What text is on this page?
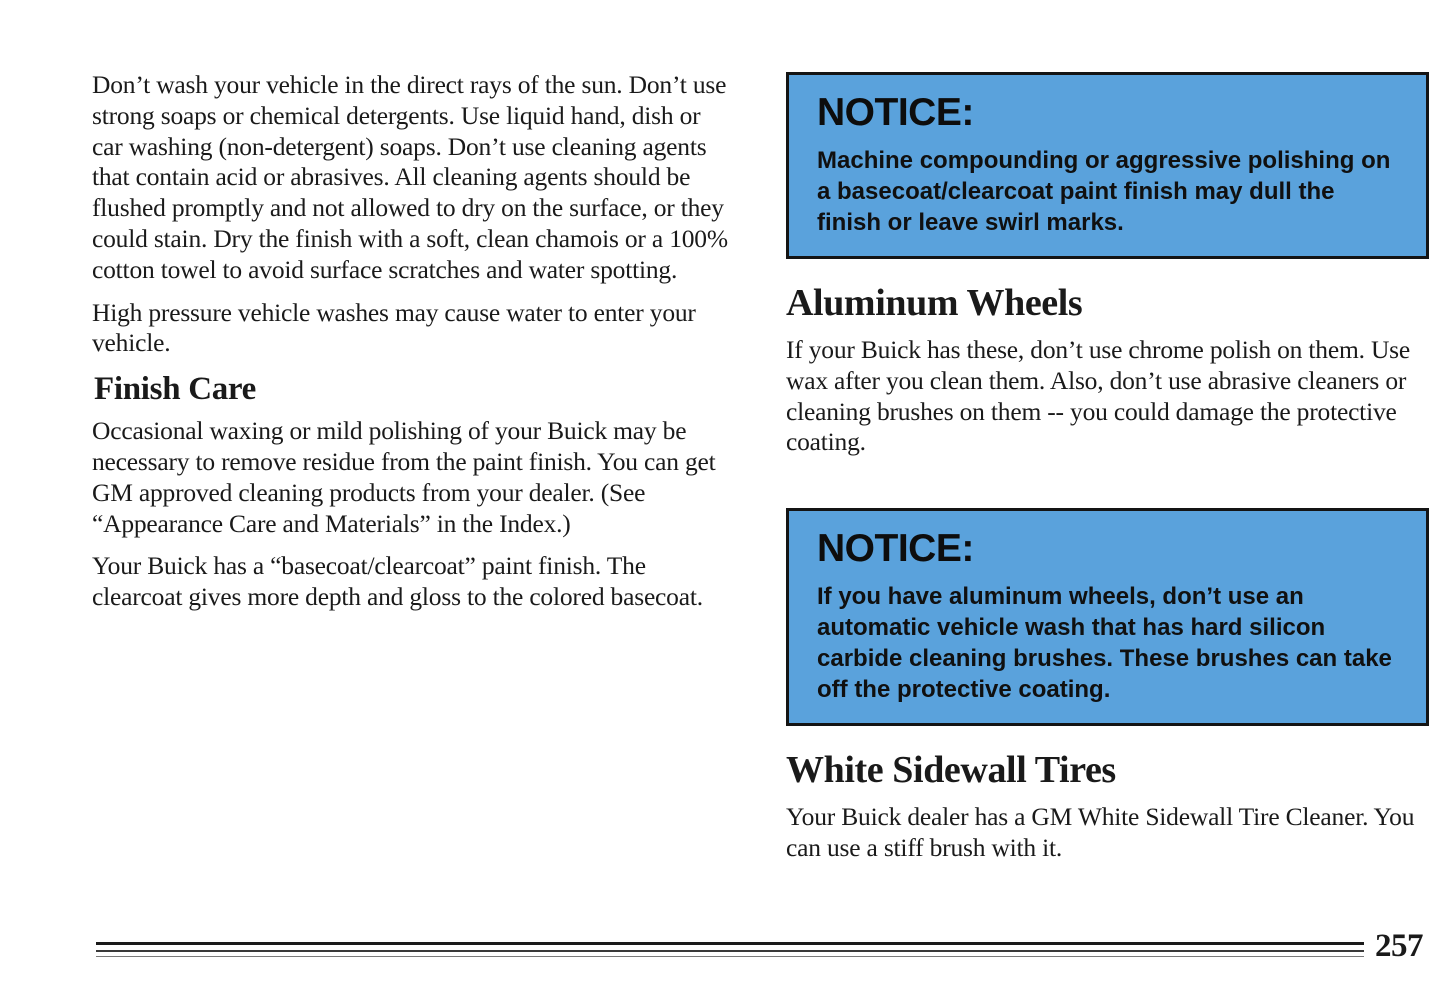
Don’t wash your vehicle in the direct rays of the sun. Don’t use strong soaps or chemical detergents. Use liquid hand, dish or car washing (non-detergent) soaps. Don’t use cleaning agents that contain acid or abrasives. All cleaning agents should be flushed promptly and not allowed to dry on the surface, or they could stain. Dry the finish with a soft, clean chamois or a 100% cotton towel to avoid surface scratches and water spotting.

High pressure vehicle washes may cause water to enter your vehicle.

Finish Care

Occasional waxing or mild polishing of your Buick may be necessary to remove residue from the paint finish. You can get GM approved cleaning products from your dealer. (See “Appearance Care and Materials” in the Index.)

Your Buick has a “basecoat/clearcoat” paint finish. The clearcoat gives more depth and gloss to the colored basecoat.

NOTICE:

Machine compounding or aggressive polishing on a basecoat/clearcoat paint finish may dull the finish or leave swirl marks.

Aluminum Wheels

If your Buick has these, don’t use chrome polish on them. Use wax after you clean them. Also, don’t use abrasive cleaners or cleaning brushes on them -- you could damage the protective coating.

NOTICE:

If you have aluminum wheels, don’t use an automatic vehicle wash that has hard silicon carbide cleaning brushes. These brushes can take off the protective coating.

White Sidewall Tires

Your Buick dealer has a GM White Sidewall Tire Cleaner. You can use a stiff brush with it.

257
